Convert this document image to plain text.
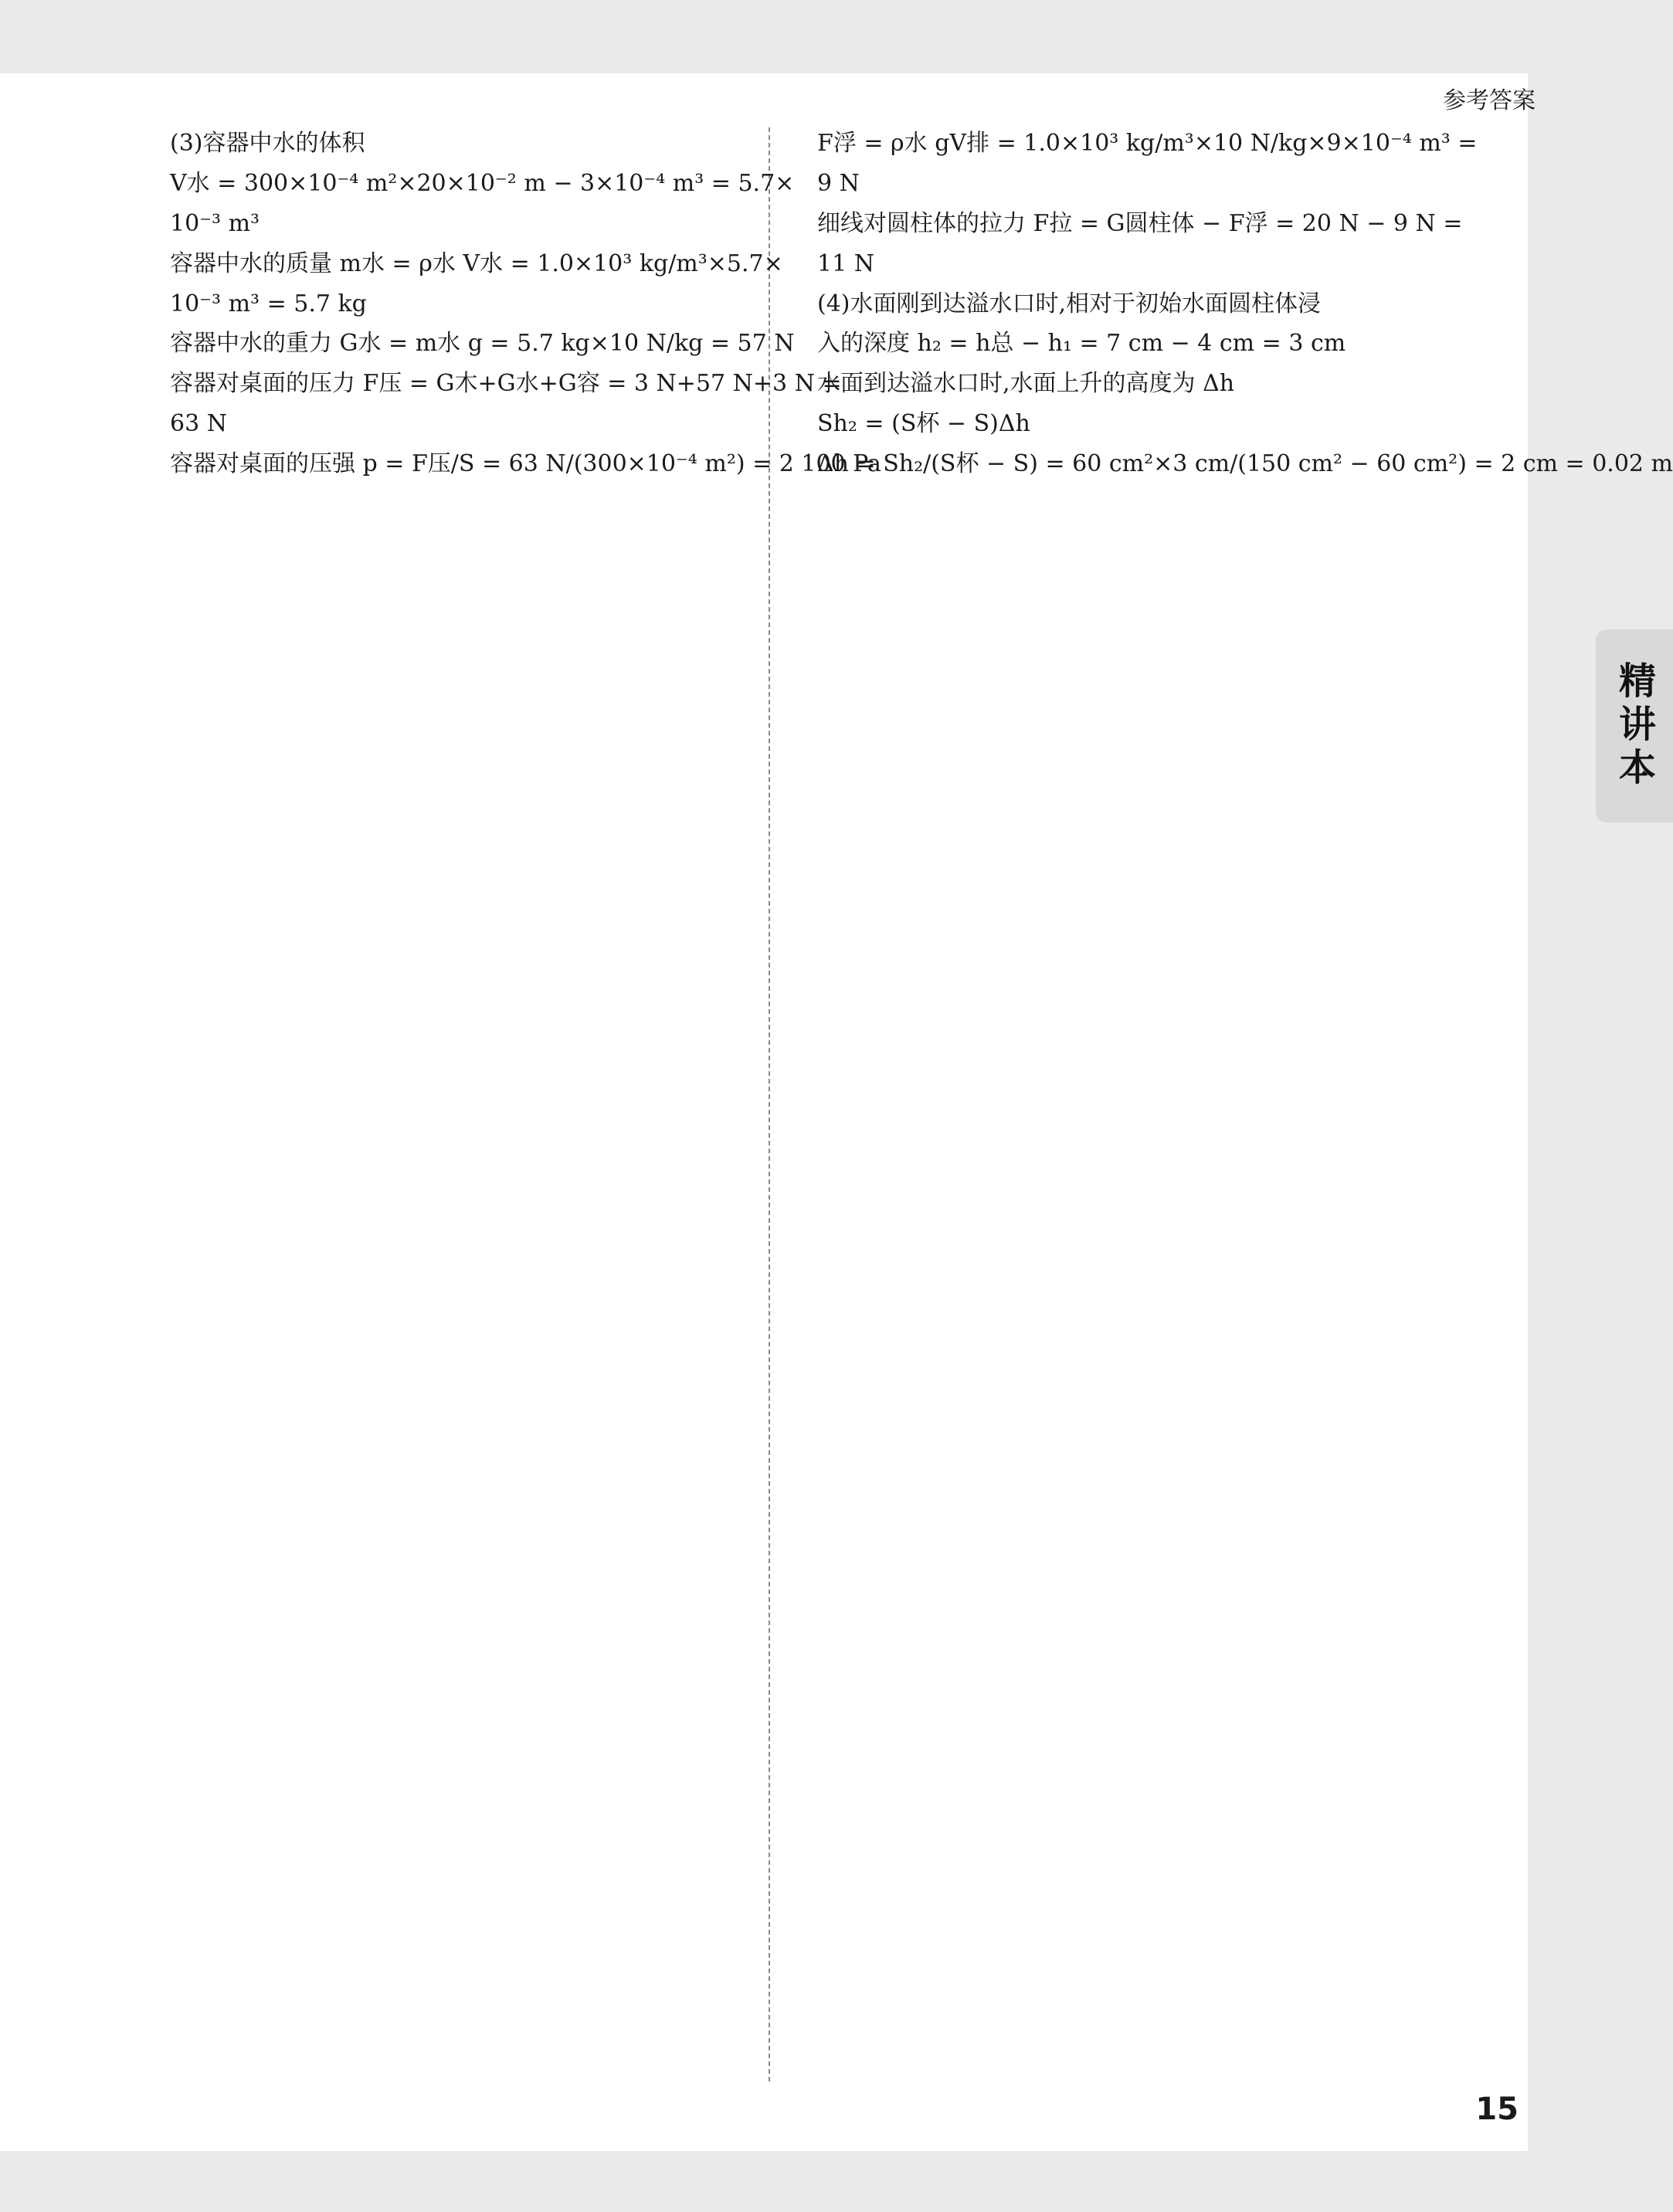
参考答案
(3)容器中水的体积
V水 = 300×10⁻⁴ m²×20×10⁻² m − 3×10⁻⁴ m³ = 5.7×
10⁻³ m³
容器中水的质量 m水 = ρ水 V水 = 1.0×10³ kg/m³×5.7×
10⁻³ m³ = 5.7 kg
容器中水的重力 G水 = m水 g = 5.7 kg×10 N/kg = 57 N
容器对桌面的压力 F压 = G木+G水+G容 = 3 N+57 N+3 N =
63 N
容器对桌面的压强 p = F压/S = 63 N/(300×10⁻⁴ m²) = 2 100 Pa
F浮 = ρ水 gV排 = 1.0×10³ kg/m³×10 N/kg×9×10⁻⁴ m³ =
9 N
细线对圆柱体的拉力 F拉 = G圆柱体 − F浮 = 20 N − 9 N =
11 N
(4)水面刚到达溢水口时,相对于初始水面圆柱体浸
入的深度 h₂ = h总 − h₁ = 7 cm − 4 cm = 3 cm
水面到达溢水口时,水面上升的高度为 Δh
Sh₂ = (S杯 − S)Δh
Δh = Sh₂/(S杯 − S) = 60 cm²×3 cm/(150 cm² − 60 cm²) = 2 cm = 0.02 m
精讲本
15
